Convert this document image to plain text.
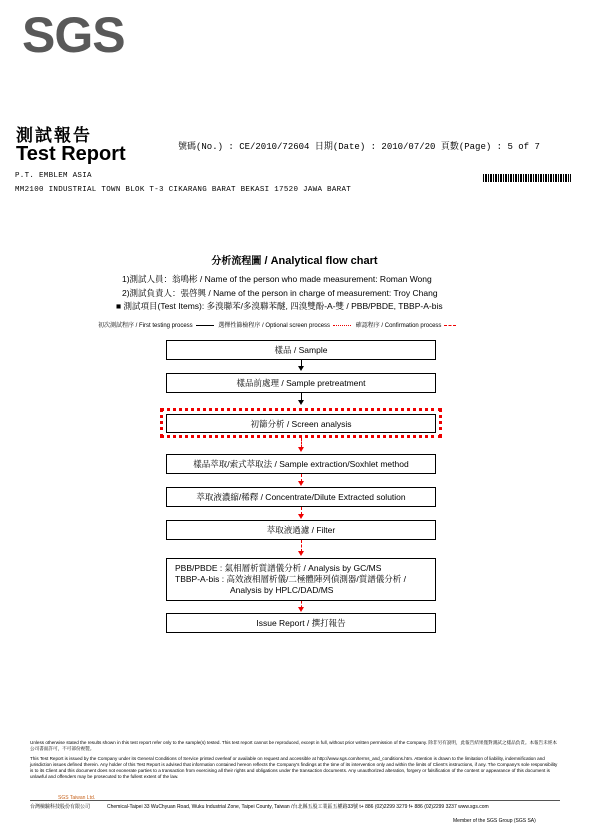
SGS
測試報告
Test Report	號碼(No.) : CE/2010/72604 日期(Date) : 2010/07/20 頁數(Page) : 5 of 7
P.T. EMBLEM ASIA
MM2100 INDUSTRIAL TOWN BLOK T-3 CIKARANG BARAT BEKASI 17520 JAWA BARAT
分析流程圖 / Analytical flow chart
1)測試人員：翁鳴彬 / Name of the person who made measurement: Roman Wong
2)測試負責人：張啓興 / Name of the person in charge of measurement: Troy Chang
■ 測試項目(Test Items): 多溴聯苯/多溴聯苯醚, 四溴雙酚-A-雙 / PBB/PBDE, TBBP-A-bis
初次測試程序 / First testing process	選擇性篩檢程序 / Optional screen process	確認程序 / Confirmation process
樣品 / Sample
樣品前處理 / Sample pretreatment
初篩分析 / Screen analysis
樣品萃取/索式萃取法 / Sample extraction/Soxhlet method
萃取液濃縮/稀釋 / Concentrate/Dilute Extracted solution
萃取液過濾 / Filter
PBB/PBDE : 氣相層析質譜儀分析 / Analysis by GC/MS
TBBP-A-bis : 高效液相層析儀/二極體陣列偵測器/質譜儀分析 /
Analysis by HPLC/DAD/MS
Issue Report / 撰打報告
Unless otherwise stated the results shown in this test report refer only to the sample(s) tested. This test report cannot be reproduced, except in full, without prior written permission of the Company. 除非另有說明，此報告結果僅對測試之樣品負責。本報告未經本公司書面許可，不可部份複製。
This Test Report is issued by the Company under its General Conditions of Service printed overleaf or available on request and accessible at http://www.sgs.com/terms_and_conditions.htm. Attention is drawn to the limitation of liability, indemnification and jurisdiction issues defined therein. Any holder of this Test Report is advised that information contained hereon reflects the Company's findings at the time of its intervention only and within the limits of Client's instructions, if any. The Company's sole responsibility is to its Client and this document does not exonerate parties to a transaction from exercising all their rights and obligations under the transaction documents. Any unauthorized alteration, forgery or falsification of the content or appearance of this document is unlawful and offenders may be prosecuted to the fullest extent of the law.
SGS Taiwan Ltd.
台灣檢驗科技股份有限公司	Chemical-Taipei 33 WuChyuan Road, Wuku Industrial Zone, Taipei County, Taiwan /台北縣五股工業區五權路33號 t+ 886 (02)2299 3279 f+ 886 (02)2299 3237 www.sgs.com
Member of the SGS Group (SGS SA)
